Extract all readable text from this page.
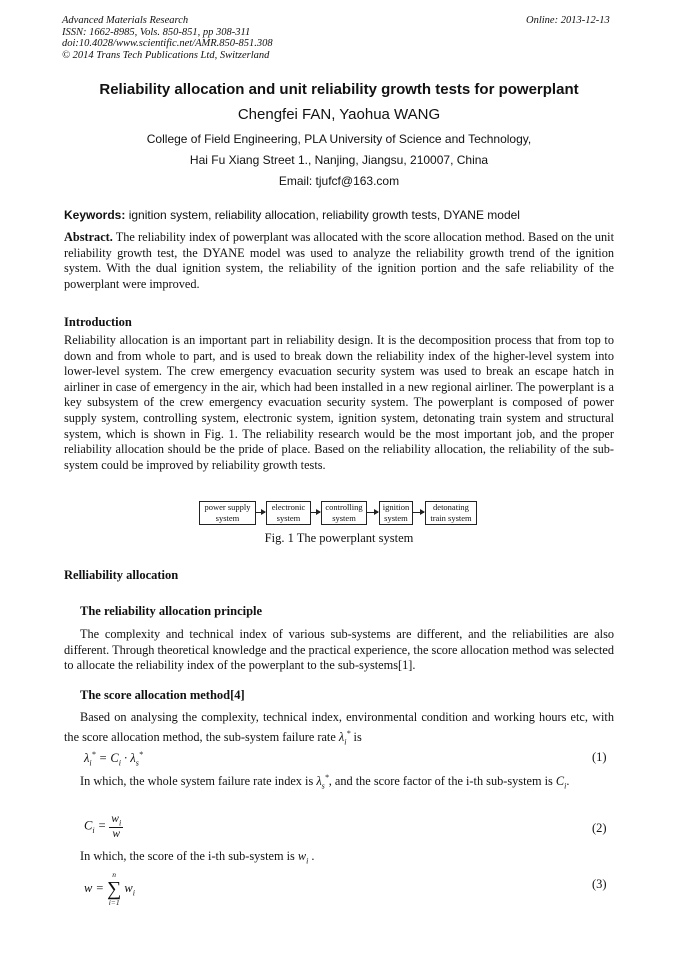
Advanced Materials Research
ISSN: 1662-8985, Vols. 850-851, pp 308-311
doi:10.4028/www.scientific.net/AMR.850-851.308
© 2014 Trans Tech Publications Ltd, Switzerland
Online: 2013-12-13
Reliability allocation and unit reliability growth tests for powerplant
Chengfei FAN, Yaohua WANG
College of Field Engineering, PLA University of Science and Technology,
Hai Fu Xiang Street 1., Nanjing, Jiangsu, 210007, China
Email: tjufcf@163.com
Keywords: ignition system, reliability allocation, reliability growth tests, DYANE model
Abstract. The reliability index of powerplant was allocated with the score allocation method. Based on the unit reliability growth test, the DYANE model was used to analyze the reliability growth trend of the ignition system. With the dual ignition system, the reliability of the ignition portion and the safe reliability of the powerplant were improved.
Introduction
Reliability allocation is an important part in reliability design. It is the decomposition process that from top to down and from whole to part, and is used to break down the reliability index of the higher-level system into lower-level system. The crew emergency evacuation security system was used to break an escape hatch in airliner in case of emergency in the air, which had been installed in a new regional airliner. The powerplant is a key subsystem of the crew emergency evacuation security system. The powerplant is composed of power supply system, controlling system, electronic system, ignition system, detonating train system and structural system, which is shown in Fig. 1. The reliability research would be the most important job, and the proper reliability allocation should be the pride of place. Based on the reliability allocation, the reliability of the sub-system could be improved by reliability growth tests.
power supply
system
electronic
system
controlling
system
ignition
system
detonating
train system
Fig. 1 The powerplant system
Relliability allocation
The reliability allocation principle
The complexity and technical index of various sub-systems are different, and the reliabilities are also different. Through theoretical knowledge and the practical experience, the score allocation method was selected to allocate the reliability index of the powerplant to the sub-systems[1].
The score allocation method[4]
Based on analysing the complexity, technical index, environmental condition and working hours etc, with the score allocation method, the sub-system failure rate $\lambda_i^*$ is
$\lambda_i^* = C_i \cdot \lambda_s^*$	(1)
In which, the whole system failure rate index is $\lambda_s^*$, and the score factor of the i-th sub-system is $C_i$.
$C_i = \frac{w_i}{w}$	(2)
In which, the score of the i-th sub-system is $w_i$ .
w =
n
∑
i=1
$w_i$
(3)
